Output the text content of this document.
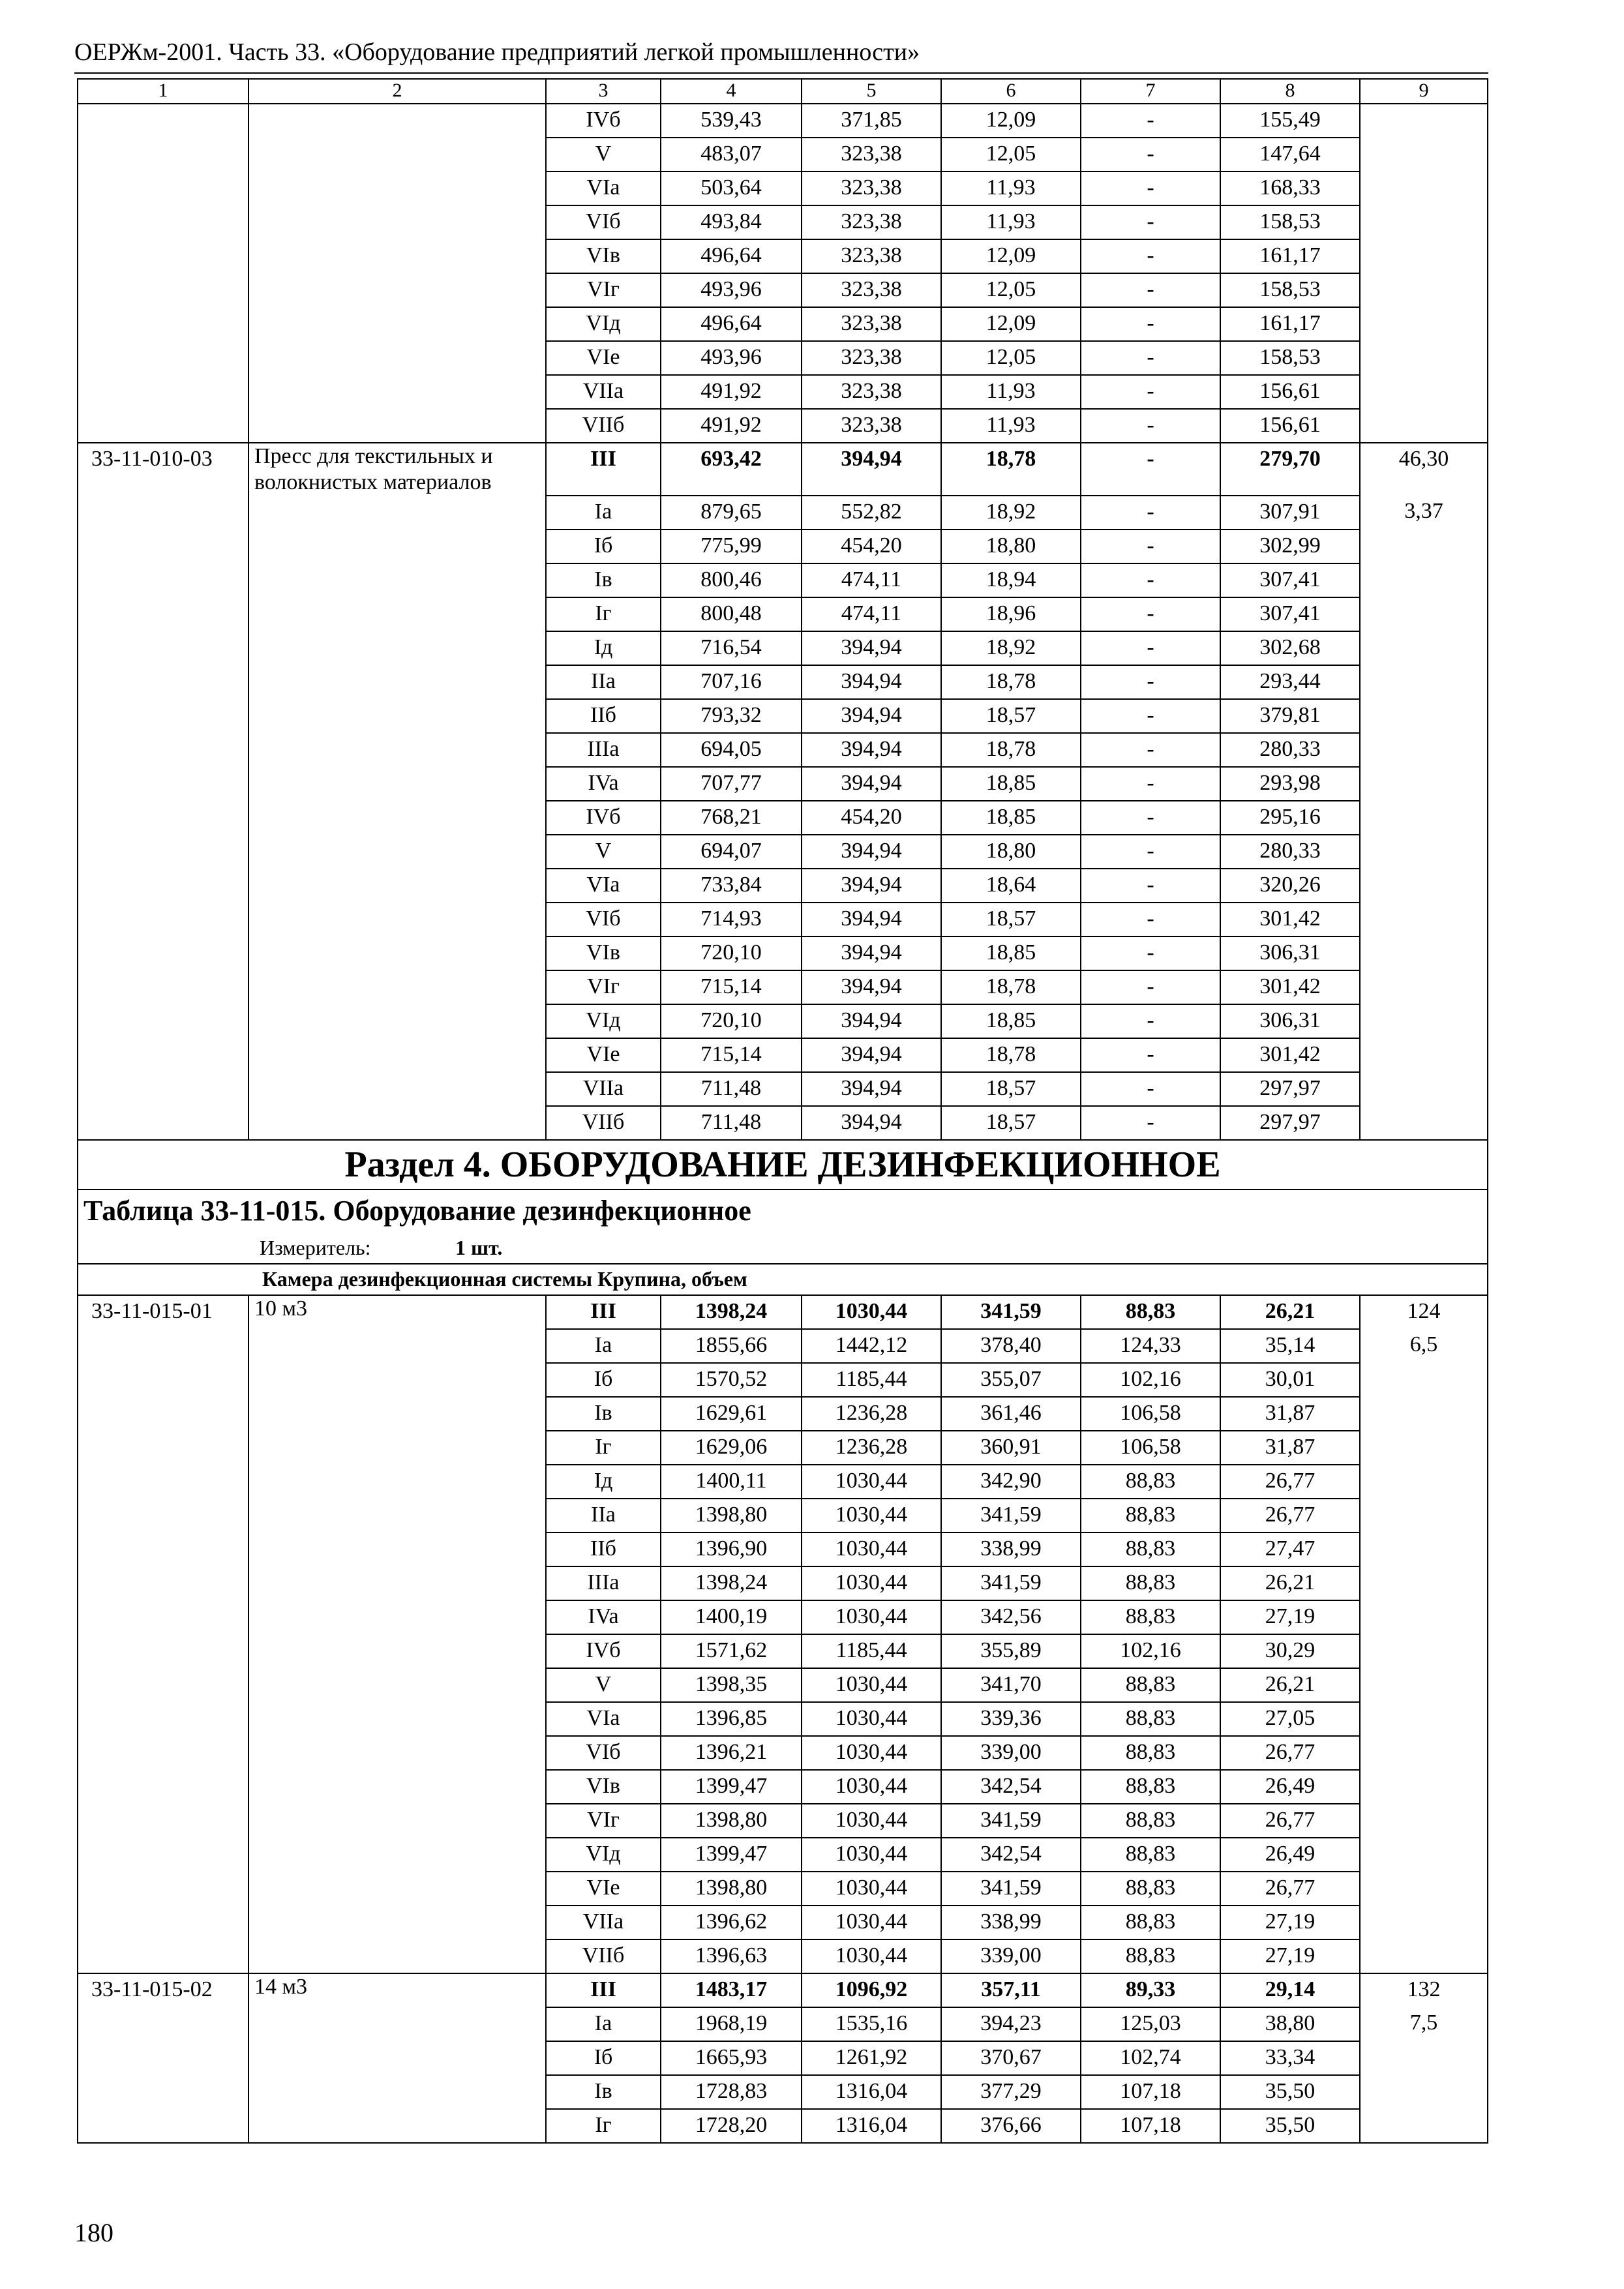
ОЕРЖм-2001. Часть 33. «Оборудование предприятий легкой промышленности»
1	2	3	4	5	6	7	8	9
		IVб	539,43	371,85	12,09	-	155,49	
		V	483,07	323,38	12,05	-	147,64	
		VIa	503,64	323,38	11,93	-	168,33	
		VIб	493,84	323,38	11,93	-	158,53	
		VIв	496,64	323,38	12,09	-	161,17	
		VIг	493,96	323,38	12,05	-	158,53	
		VIд	496,64	323,38	12,09	-	161,17	
		VIe	493,96	323,38	12,05	-	158,53	
		VIIa	491,92	323,38	11,93	-	156,61	
		VIIб	491,92	323,38	11,93	-	156,61	
33-11-010-03	Пресс для текстильных и волокнистых материалов	III	693,42	394,94	18,78	-	279,70	46,30
		Ia	879,65	552,82	18,92	-	307,91	3,37
		Iб	775,99	454,20	18,80	-	302,99	
		Iв	800,46	474,11	18,94	-	307,41	
		Iг	800,48	474,11	18,96	-	307,41	
		Iд	716,54	394,94	18,92	-	302,68	
		IIa	707,16	394,94	18,78	-	293,44	
		IIб	793,32	394,94	18,57	-	379,81	
		IIIa	694,05	394,94	18,78	-	280,33	
		IVa	707,77	394,94	18,85	-	293,98	
		IVб	768,21	454,20	18,85	-	295,16	
		V	694,07	394,94	18,80	-	280,33	
		VIa	733,84	394,94	18,64	-	320,26	
		VIб	714,93	394,94	18,57	-	301,42	
		VIв	720,10	394,94	18,85	-	306,31	
		VIг	715,14	394,94	18,78	-	301,42	
		VIд	720,10	394,94	18,85	-	306,31	
		VIe	715,14	394,94	18,78	-	301,42	
		VIIa	711,48	394,94	18,57	-	297,97	
		VIIб	711,48	394,94	18,57	-	297,97	
Раздел 4. ОБОРУДОВАНИЕ ДЕЗИНФЕКЦИОННОЕ								
Таблица 33-11-015. Оборудование дезинфекционное								
Измеритель: 1 шт.								
Камера дезинфекционная системы Крупина, объем								
33-11-015-01	10 м3	III	1398,24	1030,44	341,59	88,83	26,21	124
		Ia	1855,66	1442,12	378,40	124,33	35,14	6,5
		Iб	1570,52	1185,44	355,07	102,16	30,01	
		Iв	1629,61	1236,28	361,46	106,58	31,87	
		Iг	1629,06	1236,28	360,91	106,58	31,87	
		Iд	1400,11	1030,44	342,90	88,83	26,77	
		IIa	1398,80	1030,44	341,59	88,83	26,77	
		IIб	1396,90	1030,44	338,99	88,83	27,47	
		IIIa	1398,24	1030,44	341,59	88,83	26,21	
		IVa	1400,19	1030,44	342,56	88,83	27,19	
		IVб	1571,62	1185,44	355,89	102,16	30,29	
		V	1398,35	1030,44	341,70	88,83	26,21	
		VIa	1396,85	1030,44	339,36	88,83	27,05	
		VIб	1396,21	1030,44	339,00	88,83	26,77	
		VIв	1399,47	1030,44	342,54	88,83	26,49	
		VIг	1398,80	1030,44	341,59	88,83	26,77	
		VIд	1399,47	1030,44	342,54	88,83	26,49	
		VIe	1398,80	1030,44	341,59	88,83	26,77	
		VIIa	1396,62	1030,44	338,99	88,83	27,19	
		VIIб	1396,63	1030,44	339,00	88,83	27,19	
33-11-015-02	14 м3	III	1483,17	1096,92	357,11	89,33	29,14	132
		Ia	1968,19	1535,16	394,23	125,03	38,80	7,5
		Iб	1665,93	1261,92	370,67	102,74	33,34	
		Iв	1728,83	1316,04	377,29	107,18	35,50	
		Iг	1728,20	1316,04	376,66	107,18	35,50	
180
